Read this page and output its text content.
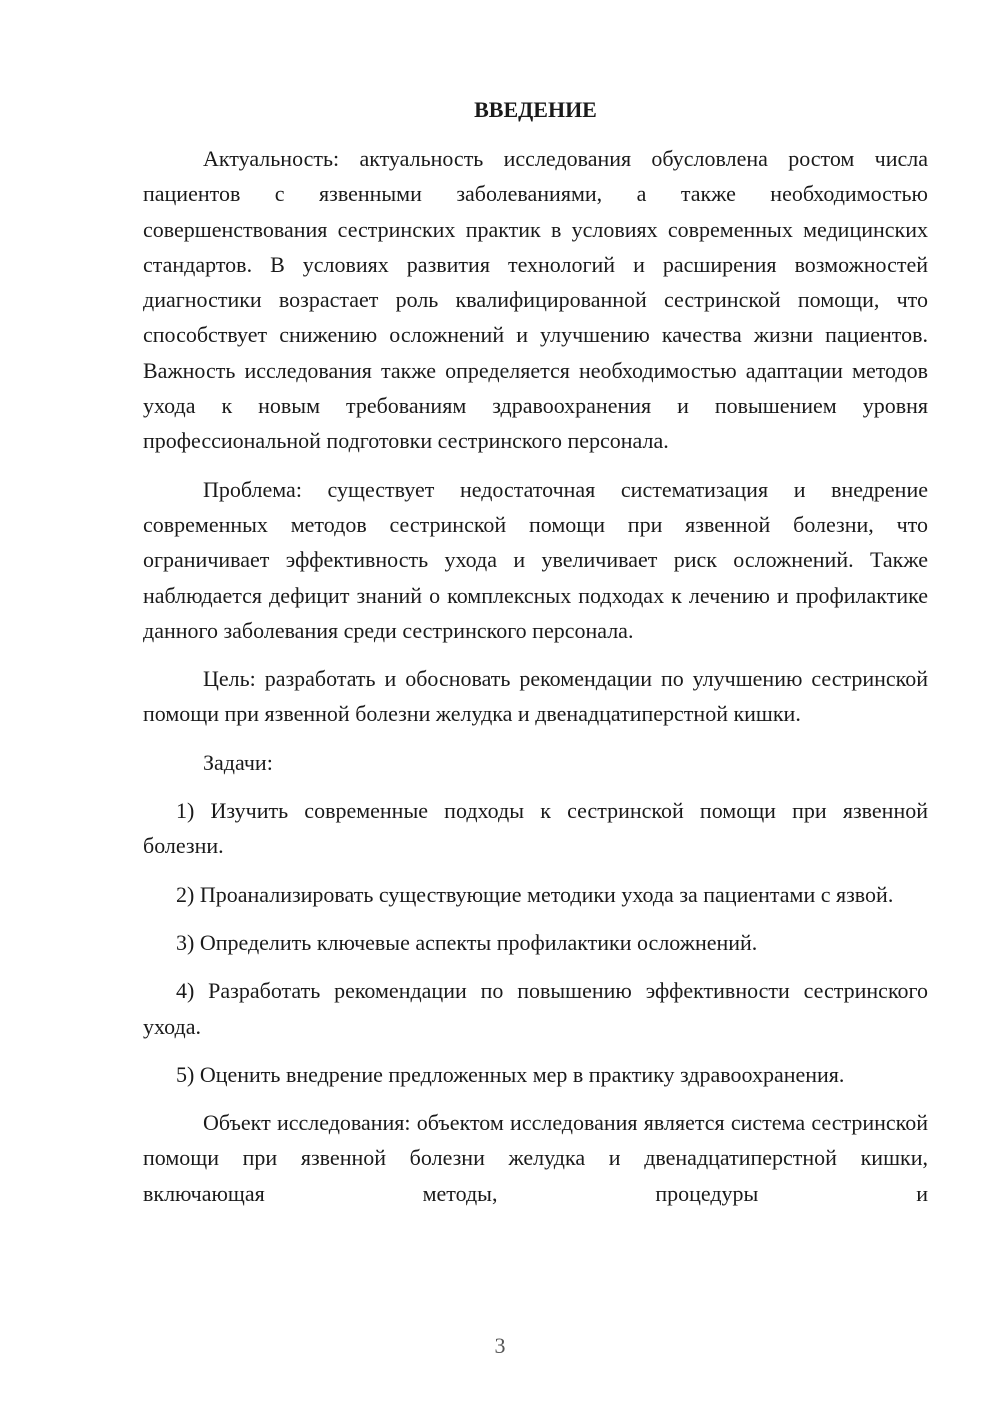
ВВЕДЕНИЕ
Актуальность: актуальность исследования обусловлена ростом числа пациентов с язвенными заболеваниями, а также необходимостью совершенствования сестринских практик в условиях современных медицинских стандартов. В условиях развития технологий и расширения возможностей диагностики возрастает роль квалифицированной сестринской помощи, что способствует снижению осложнений и улучшению качества жизни пациентов. Важность исследования также определяется необходимостью адаптации методов ухода к новым требованиям здравоохранения и повышением уровня профессиональной подготовки сестринского персонала.
Проблема: существует недостаточная систематизация и внедрение современных методов сестринской помощи при язвенной болезни, что ограничивает эффективность ухода и увеличивает риск осложнений. Также наблюдается дефицит знаний о комплексных подходах к лечению и профилактике данного заболевания среди сестринского персонала.
Цель: разработать и обосновать рекомендации по улучшению сестринской помощи при язвенной болезни желудка и двенадцатиперстной кишки.
Задачи:
1) Изучить современные подходы к сестринской помощи при язвенной болезни.
2) Проанализировать существующие методики ухода за пациентами с язвой.
3) Определить ключевые аспекты профилактики осложнений.
4) Разработать рекомендации по повышению эффективности сестринского ухода.
5) Оценить внедрение предложенных мер в практику здравоохранения.
Объект исследования: объектом исследования является система сестринской помощи при язвенной болезни желудка и двенадцатиперстной кишки, включающая методы, процедуры и
3
